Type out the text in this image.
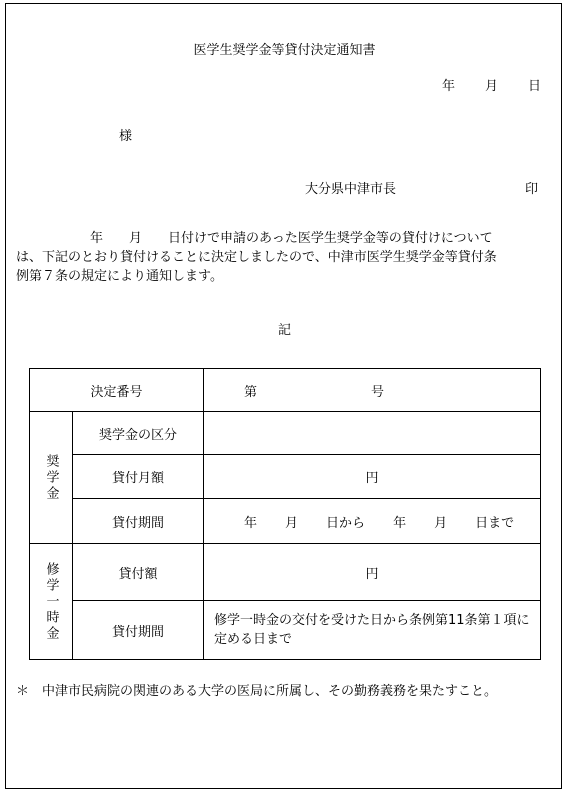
医学生奨学金等貸付決定通知書
年 月 日
様
大分県中津市長	印
年　　月　　日付けで申請のあった医学生奨学金等の貸付けについて
は、下記のとおり貸付けることに決定しましたので、中津市医学生奨学金等貸付条
例第７条の規定により通知します。
記
決定番号		第 号

奨学金	奨学金の区分	
	貸付月額	円
	貸付期間	年 月 日から 年 月 日まで

修学一時金	貸付額	円
	貸付期間	修学一時金の交付を受けた日から条例第11条第１項に定める日まで
＊　中津市民病院の関連のある大学の医局に所属し、その勤務義務を果たすこと。
